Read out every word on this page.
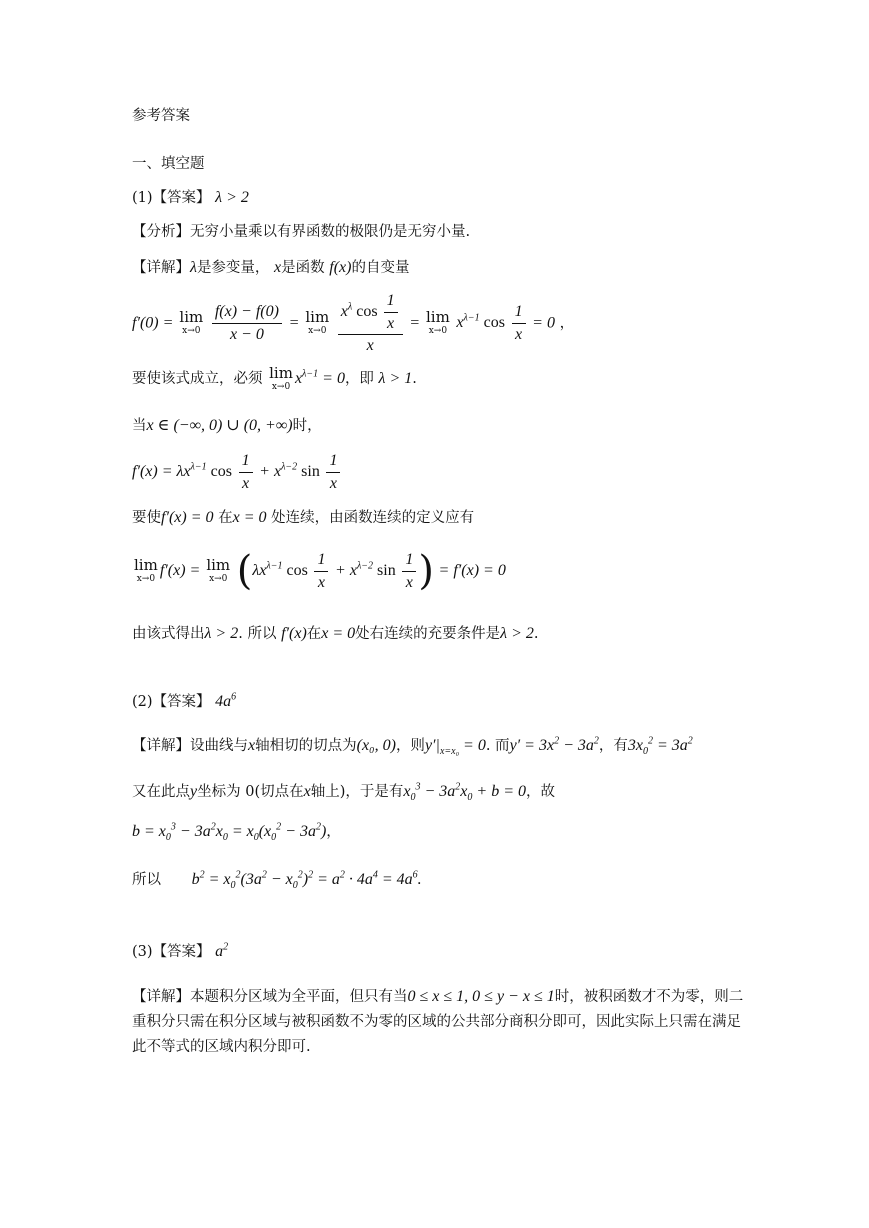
参考答案
一、填空题
(1)【答案】 λ > 2
【分析】无穷小量乘以有界函数的极限仍是无穷小量.
【详解】λ是参变量， x是函数 f(x)的自变量
f′(0) = lim
x→0
$\frac{f(x) - f(0)}{x - 0} = \lim$
x→0
$\frac{x^\lambda \cos \frac{1}{x}}{x} = \lim$
x→0 $x^{\lambda-1}$ $\cos \frac{1}{x} = 0$ ，
要使该式成立，必须 lim
x→0 $x^{\lambda-1} = 0$，即 λ > 1.
当x ∈ (−∞, 0) ∪ (0, +∞)时，
$f'(x) = \lambda x^{\lambda-1}$ $\cos \frac{1}{x} + x^{\lambda-2}$ $\sin \frac{1}{x}$
要使f′(x) = 0 在x = 0 处连续，由函数连续的定义应有
lim
x→0 f′(x) = lim
x→0 ($\lambda x^{\lambda-1}$ $\cos \frac{1}{x} + x^{\lambda-2}$ $\sin \frac{1}{x}$ ) = f′(x) = 0
由该式得出λ > 2. 所以 f′(x)在x = 0处右连续的充要条件是λ > 2.
(2)【答案】 $4a^6$
【详解】设曲线与x轴相切的切点为(x₀, 0)，则$y'|_{x=x_0} = 0$. 而$y' = 3x^2 - 3a^2$，有$3x_0^2 = 3a^2$
又在此点y坐标为 0(切点在x轴上)，于是有$x_0^3 - 3a^2x_0 + b = 0$，故
$b = x_0^3 - 3a^2x_0 = x_0(x_0^2 - 3a^2)$，
所以 $b^2 = x_0^2(3a^2 - x_0^2)^2 = a^2 \cdot 4a^4 = 4a^6$.
(3)【答案】 $a^2$
【详解】本题积分区域为全平面，但只有当0 ≤ x ≤ 1, 0 ≤ y − x ≤ 1时，被积函数才不为零，则二重积分只需在积分区域与被积函数不为零的区域的公共部分商积分即可，因此实际上只需在满足此不等式的区域内积分即可.
